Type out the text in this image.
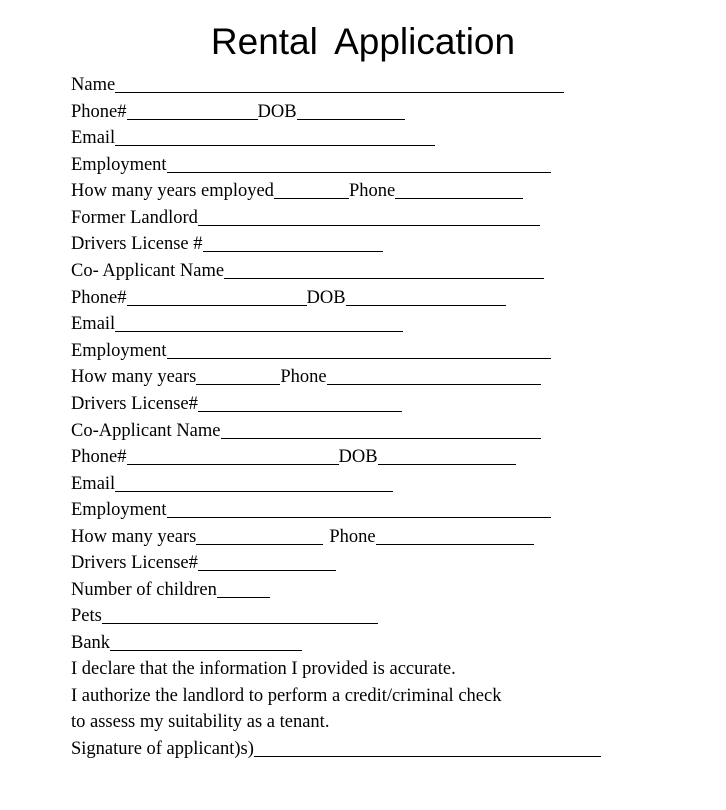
Rental Application
Name
Phone#	DOB
Email
Employment
How many years employed	Phone
Former Landlord
Drivers License #
Co- Applicant Name
Phone#	DOB
Email
Employment
How many years	Phone
Drivers License#
Co-Applicant Name
Phone#	DOB
Email
Employment
How many years	Phone
Drivers License#
Number of children
Pets
Bank
I declare that the information I provided is accurate.
I authorize the landlord to perform a credit/criminal check
to assess my suitability as a tenant.
Signature of applicant)s)
